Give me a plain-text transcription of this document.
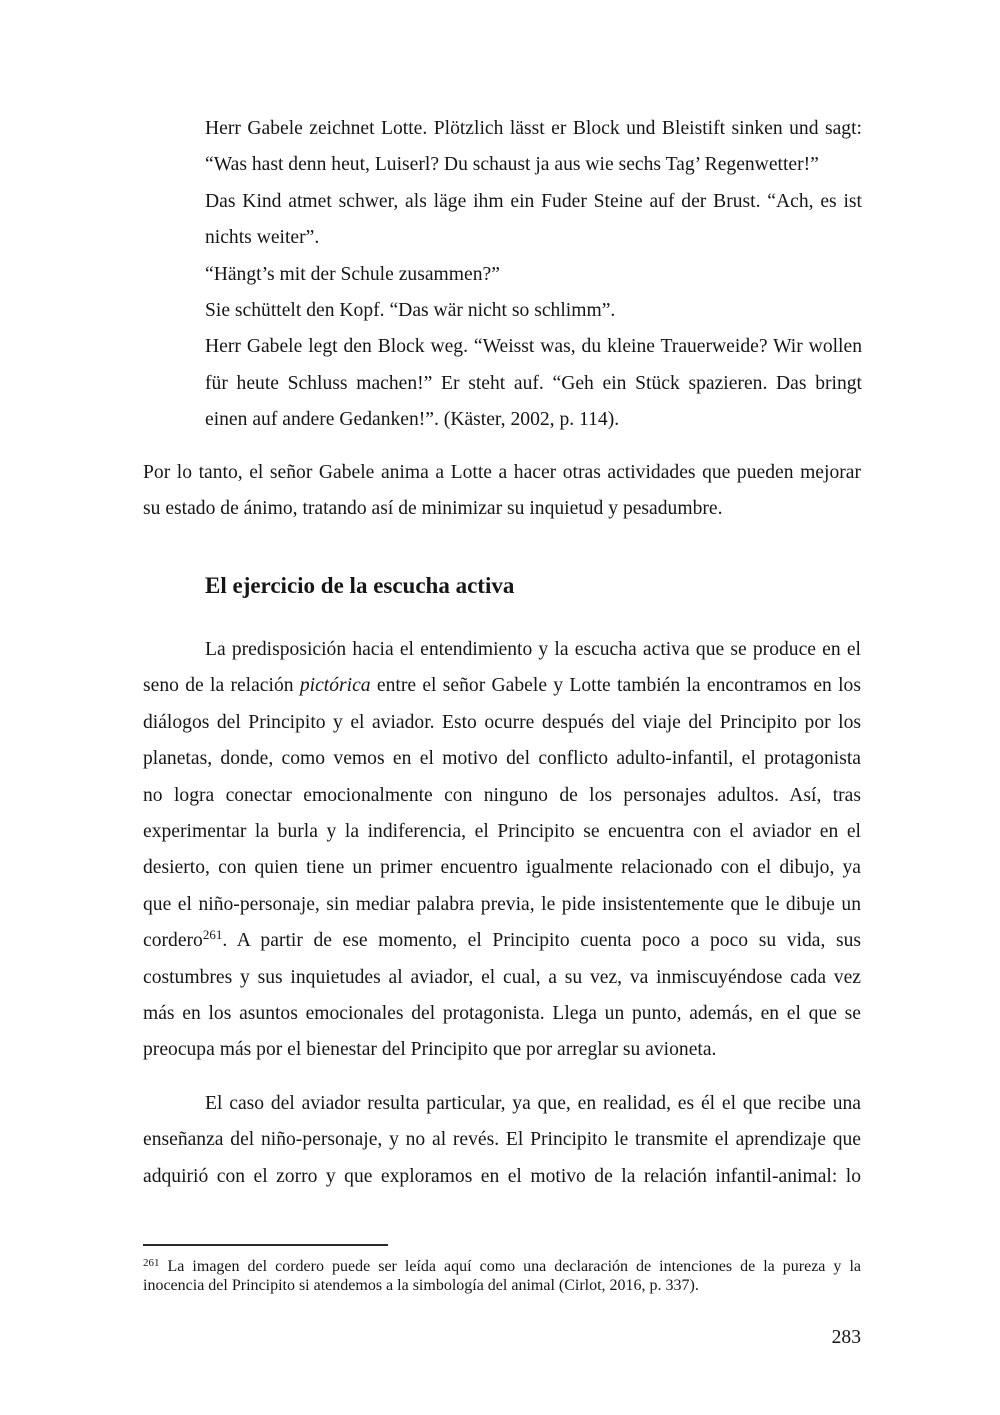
Herr Gabele zeichnet Lotte. Plötzlich lässt er Block und Bleistift sinken und sagt:
“Was hast denn heut, Luiserl? Du schaust ja aus wie sechs Tag’ Regenwetter!”
Das Kind atmet schwer, als läge ihm ein Fuder Steine auf der Brust. “Ach, es ist
nichts weiter”.
“Hängt’s mit der Schule zusammen?”
Sie schüttelt den Kopf. “Das wär nicht so schlimm”.
Herr Gabele legt den Block weg. “Weisst was, du kleine Trauerweide? Wir wollen
für heute Schluss machen!” Er steht auf. “Geh ein Stück spazieren. Das bringt
einen auf andere Gedanken!”. (Käster, 2002, p. 114).
Por lo tanto, el señor Gabele anima a Lotte a hacer otras actividades que pueden mejorar
su estado de ánimo, tratando así de minimizar su inquietud y pesadumbre.
El ejercicio de la escucha activa
La predisposición hacia el entendimiento y la escucha activa que se produce en el
seno de la relación pictórica entre el señor Gabele y Lotte también la encontramos en los
diálogos del Principito y el aviador. Esto ocurre después del viaje del Principito por los
planetas, donde, como vemos en el motivo del conflicto adulto-infantil, el protagonista
no logra conectar emocionalmente con ninguno de los personajes adultos. Así, tras
experimentar la burla y la indiferencia, el Principito se encuentra con el aviador en el
desierto, con quien tiene un primer encuentro igualmente relacionado con el dibujo, ya
que el niño-personaje, sin mediar palabra previa, le pide insistentemente que le dibuje un
cordero$^{261}$. A partir de ese momento, el Principito cuenta poco a poco su vida, sus
costumbres y sus inquietudes al aviador, el cual, a su vez, va inmiscuyéndose cada vez
más en los asuntos emocionales del protagonista. Llega un punto, además, en el que se
preocupa más por el bienestar del Principito que por arreglar su avioneta.
El caso del aviador resulta particular, ya que, en realidad, es él el que recibe una
enseñanza del niño-personaje, y no al revés. El Principito le transmite el aprendizaje que
adquirió con el zorro y que exploramos en el motivo de la relación infantil-animal: lo
$^{261}$ La imagen del cordero puede ser leída aquí como una declaración de intenciones de la pureza y la
inocencia del Principito si atendemos a la simbología del animal (Cirlot, 2016, p. 337).
283
